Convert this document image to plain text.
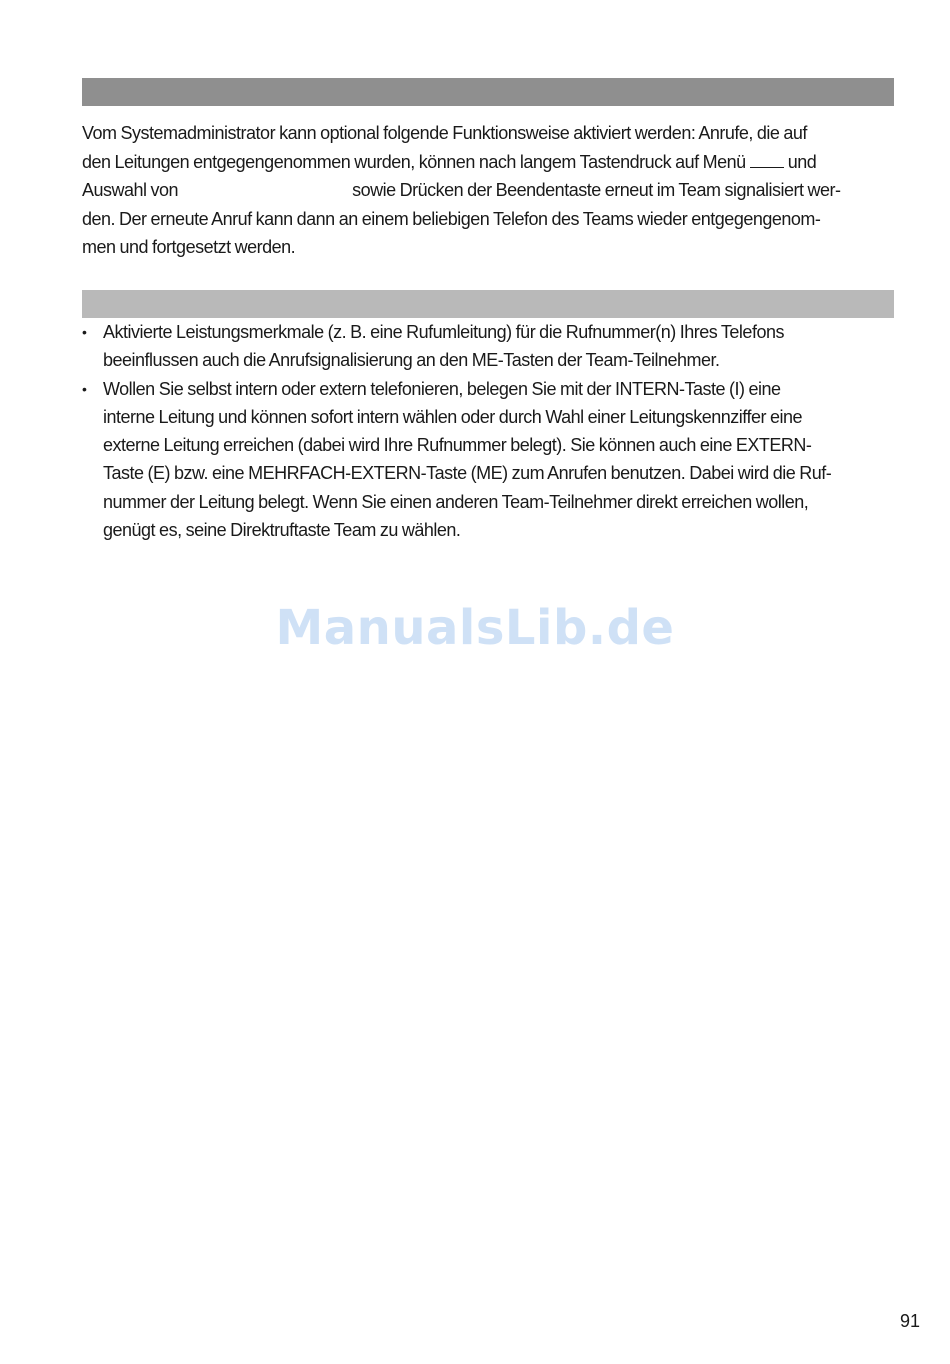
Vom Systemadministrator kann optional folgende Funktionsweise aktiviert werden: Anrufe, die auf
den Leitungen entgegengenommen wurden, können nach langem Tastendruck auf Menü und
Auswahl von	sowie Drücken der Beendentaste erneut im Team signalisiert wer-
den. Der erneute Anruf kann dann an einem beliebigen Telefon des Teams wieder entgegengenom-
men und fortgesetzt werden.

• Aktivierte Leistungsmerkmale (z. B. eine Rufumleitung) für die Rufnummer(n) Ihres Telefons
beeinflussen auch die Anrufsignalisierung an den ME-Tasten der Team-Teilnehmer.
• Wollen Sie selbst intern oder extern telefonieren, belegen Sie mit der INTERN-Taste (I) eine
interne Leitung und können sofort intern wählen oder durch Wahl einer Leitungskennziffer eine
externe Leitung erreichen (dabei wird Ihre Rufnummer belegt). Sie können auch eine EXTERN-
Taste (E) bzw. eine MEHRFACH-EXTERN-Taste (ME) zum Anrufen benutzen. Dabei wird die Ruf-
nummer der Leitung belegt. Wenn Sie einen anderen Team-Teilnehmer direkt erreichen wollen,
genügt es, seine Direktruftaste Team zu wählen.
ManualsLib.de
91
